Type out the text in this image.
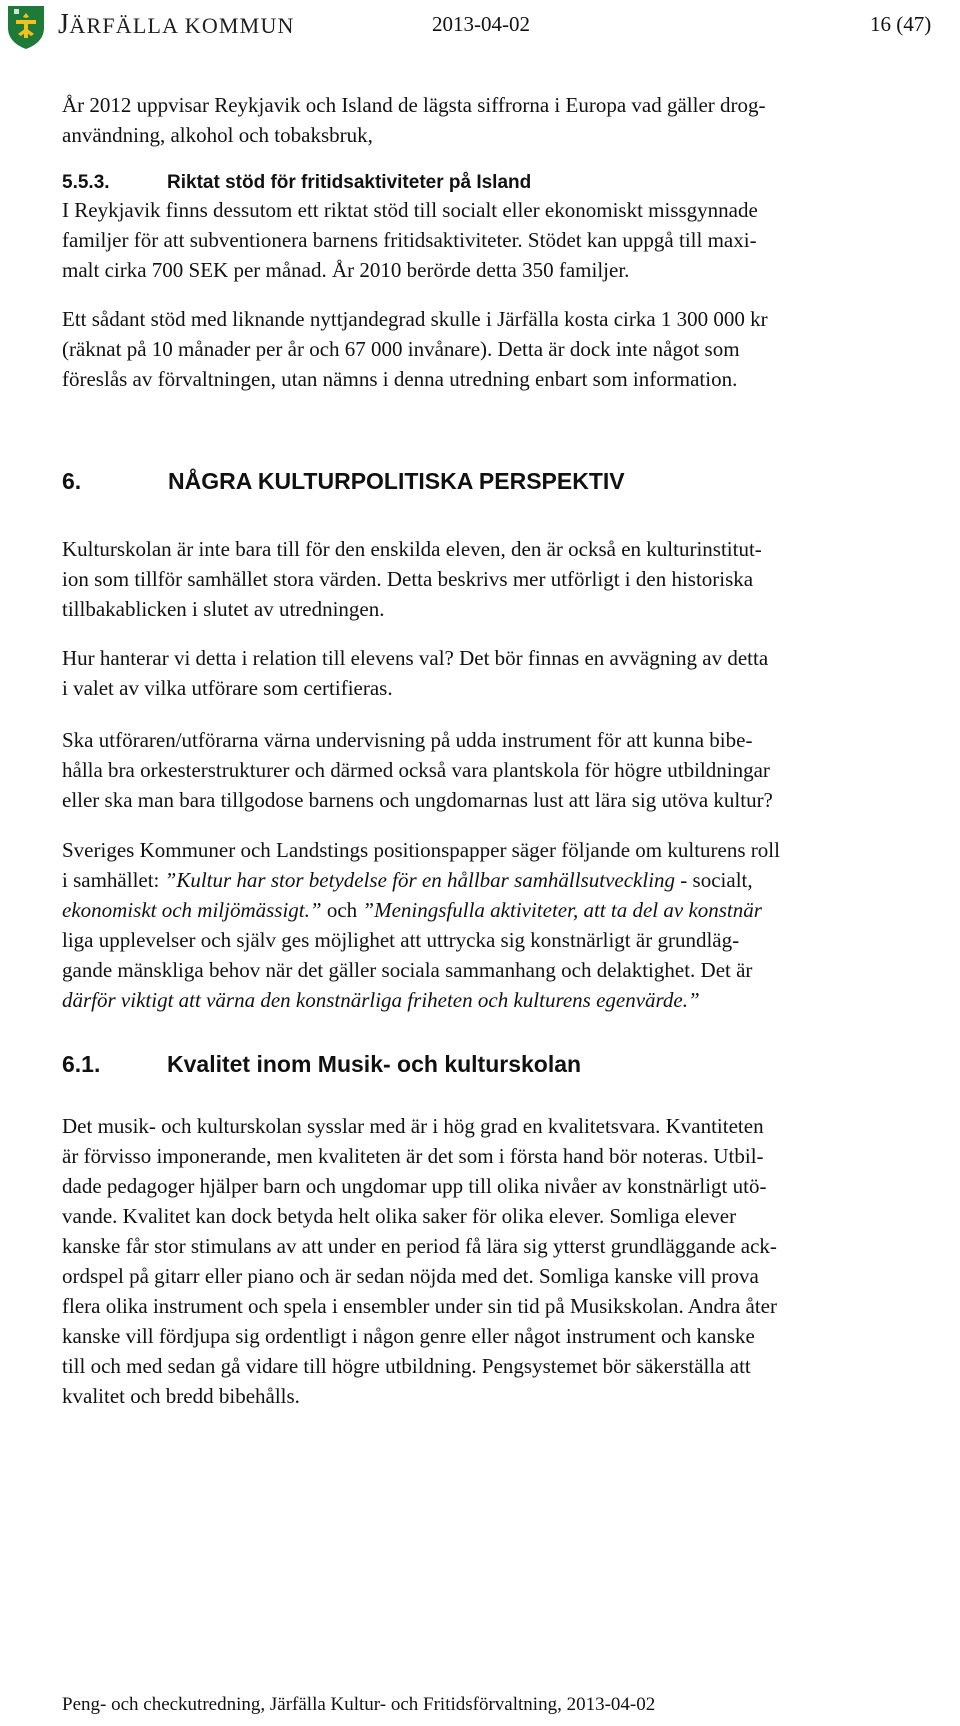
JÄRFÄLLA KOMMUN	2013-04-02	16 (47)

År 2012 uppvisar Reykjavik och Island de lägsta siffrorna i Europa vad gäller drog-
användning, alkohol och tobaksbruk,

5.5.3.	Riktat stöd för fritidsaktiviteter på Island

I Reykjavik finns dessutom ett riktat stöd till socialt eller ekonomiskt missgynnade
familjer för att subventionera barnens fritidsaktiviteter. Stödet kan uppgå till maxi-
malt cirka 700 SEK per månad. År 2010 berörde detta 350 familjer.

Ett sådant stöd med liknande nyttjandegrad skulle i Järfälla kosta cirka 1 300 000 kr
(räknat på 10 månader per år och 67 000 invånare). Detta är dock inte något som
föreslås av förvaltningen, utan nämns i denna utredning enbart som information.

6.	NÅGRA KULTURPOLITISKA PERSPEKTIV

Kulturskolan är inte bara till för den enskilda eleven, den är också en kulturinstitut-
ion som tillför samhället stora värden. Detta beskrivs mer utförligt i den historiska
tillbakablicken i slutet av utredningen.

Hur hanterar vi detta i relation till elevens val? Det bör finnas en avvägning av detta
i valet av vilka utförare som certifieras.

Ska utföraren/utförarna värna undervisning på udda instrument för att kunna bibe-
hålla bra orkesterstrukturer och därmed också vara plantskola för högre utbildningar
eller ska man bara tillgodose barnens och ungdomarnas lust att lära sig utöva kultur?

Sveriges Kommuner och Landstings positionspapper säger följande om kulturens roll
i samhället: ”Kultur har stor betydelse för en hållbar samhällsutveckling - socialt,
ekonomiskt och miljömässigt.” och ”Meningsfulla aktiviteter, att ta del av konstnär
liga upplevelser och själv ges möjlighet att uttrycka sig konstnärligt är grundläg-
gande mänskliga behov när det gäller sociala sammanhang och delaktighet. Det är
därför viktigt att värna den konstnärliga friheten och kulturens egenvärde.”

6.1.	Kvalitet inom Musik- och kulturskolan

Det musik- och kulturskolan sysslar med är i hög grad en kvalitetsvara. Kvantiteten
är förvisso imponerande, men kvaliteten är det som i första hand bör noteras. Utbil-
dade pedagoger hjälper barn och ungdomar upp till olika nivåer av konstnärligt utö-
vande. Kvalitet kan dock betyda helt olika saker för olika elever. Somliga elever
kanske får stor stimulans av att under en period få lära sig ytterst grundläggande ack-
ordspel på gitarr eller piano och är sedan nöjda med det. Somliga kanske vill prova
flera olika instrument och spela i ensembler under sin tid på Musikskolan. Andra åter
kanske vill fördjupa sig ordentligt i någon genre eller något instrument och kanske
till och med sedan gå vidare till högre utbildning. Pengsystemet bör säkerställa att
kvalitet och bredd bibehålls.

Peng- och checkutredning, Järfälla Kultur- och Fritidsförvaltning, 2013-04-02
